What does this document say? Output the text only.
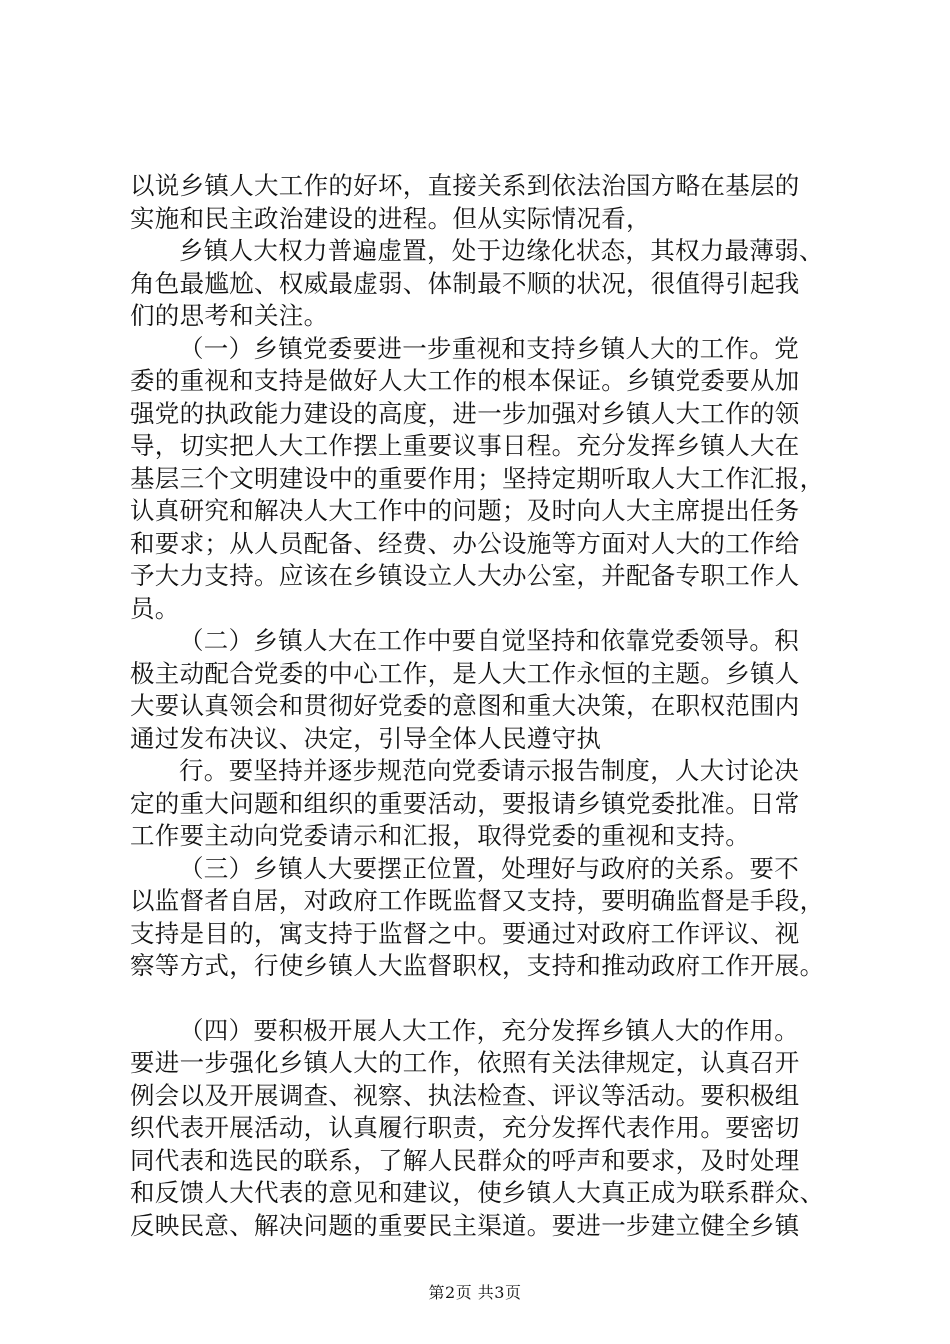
以说乡镇人大工作的好坏，直接关系到依法治国方略在基层的
实施和民主政治建设的进程。但从实际情况看，
乡镇人大权力普遍虚置，处于边缘化状态，其权力最薄弱、
角色最尴尬、权威最虚弱、体制最不顺的状况，很值得引起我
们的思考和关注。
（一）乡镇党委要进一步重视和支持乡镇人大的工作。党
委的重视和支持是做好人大工作的根本保证。乡镇党委要从加
强党的执政能力建设的高度，进一步加强对乡镇人大工作的领
导，切实把人大工作摆上重要议事日程。充分发挥乡镇人大在
基层三个文明建设中的重要作用；坚持定期听取人大工作汇报，
认真研究和解决人大工作中的问题；及时向人大主席提出任务
和要求；从人员配备、经费、办公设施等方面对人大的工作给
予大力支持。应该在乡镇设立人大办公室，并配备专职工作人
员。
（二）乡镇人大在工作中要自觉坚持和依靠党委领导。积
极主动配合党委的中心工作，是人大工作永恒的主题。乡镇人
大要认真领会和贯彻好党委的意图和重大决策，在职权范围内
通过发布决议、决定，引导全体人民遵守执
行。要坚持并逐步规范向党委请示报告制度，人大讨论决
定的重大问题和组织的重要活动，要报请乡镇党委批准。日常
工作要主动向党委请示和汇报，取得党委的重视和支持。
（三）乡镇人大要摆正位置，处理好与政府的关系。要不
以监督者自居，对政府工作既监督又支持，要明确监督是手段，
支持是目的，寓支持于监督之中。要通过对政府工作评议、视
察等方式，行使乡镇人大监督职权，支持和推动政府工作开展。
（四）要积极开展人大工作，充分发挥乡镇人大的作用。
要进一步强化乡镇人大的工作，依照有关法律规定，认真召开
例会以及开展调查、视察、执法检查、评议等活动。要积极组
织代表开展活动，认真履行职责，充分发挥代表作用。要密切
同代表和选民的联系，了解人民群众的呼声和要求，及时处理
和反馈人大代表的意见和建议，使乡镇人大真正成为联系群众、
反映民意、解决问题的重要民主渠道。要进一步建立健全乡镇
第2页 共3页
